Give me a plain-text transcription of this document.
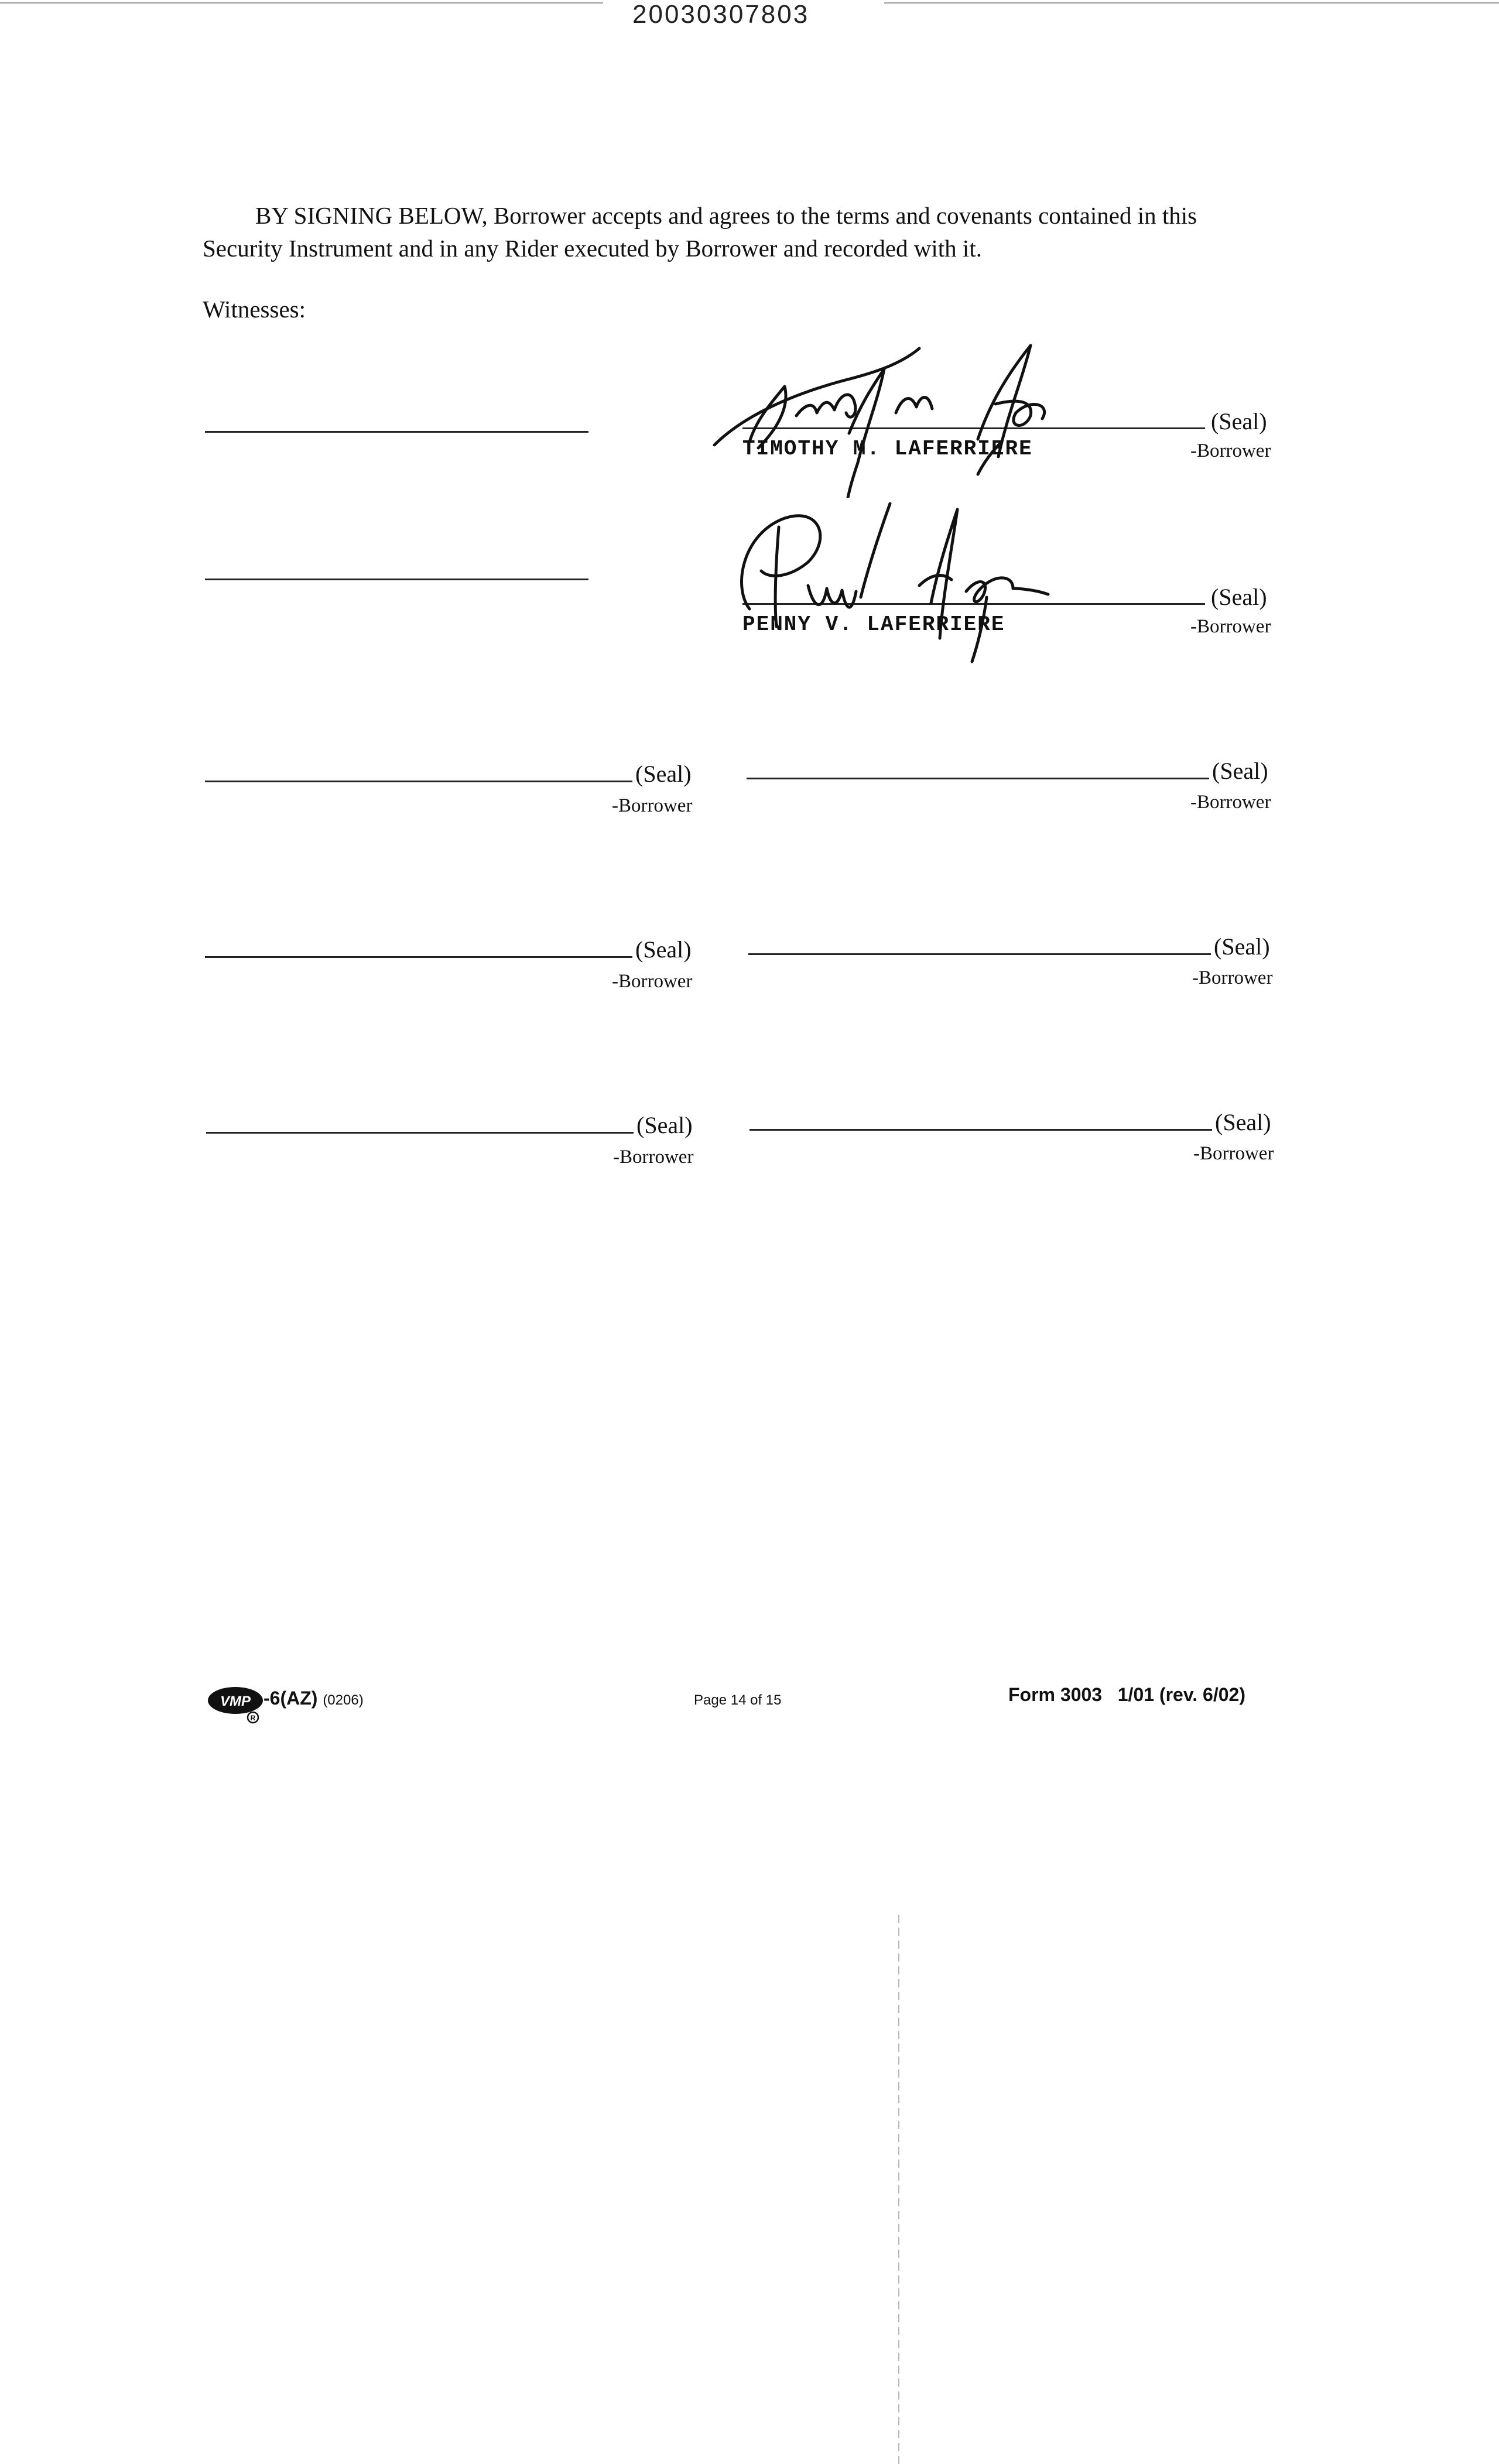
20030307803
BY SIGNING BELOW, Borrower accepts and agrees to the terms and covenants contained in this Security Instrument and in any Rider executed by Borrower and recorded with it.
Witnesses:
(Seal)
TIMOTHY M. LAFERRIERE	-Borrower
(Seal)
PENNY V. LAFERRIERE	-Borrower
(Seal)
-Borrower
(Seal)
-Borrower
(Seal)
-Borrower
(Seal)
-Borrower
(Seal)
-Borrower
(Seal)
-Borrower
VMP
R
-6(AZ) (0206)	Page 14 of 15	Form 3003   1/01 (rev. 6/02)
